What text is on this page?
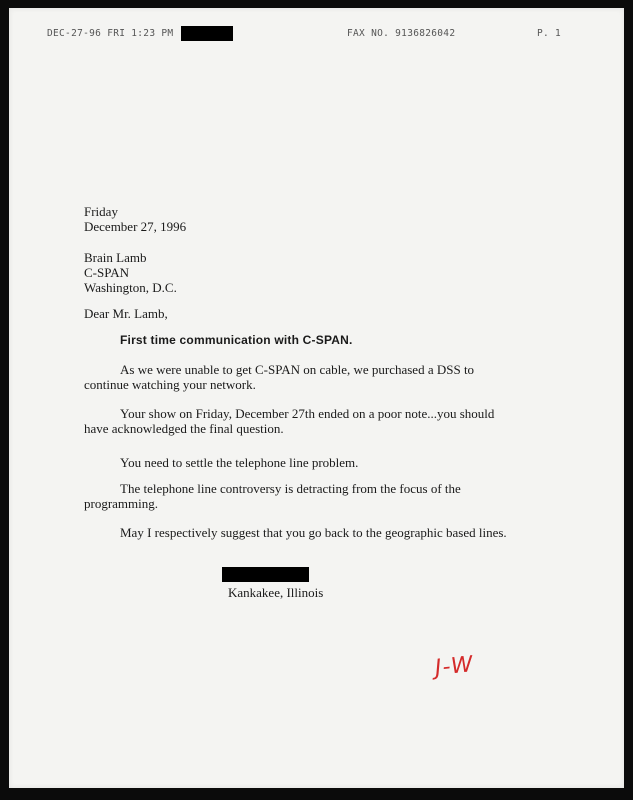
DEC-27-96 FRI 1:23 PM	FAX NO. 9136826042	P. 1
Friday
December 27, 1996
Brain Lamb
C-SPAN
Washington, D.C.
Dear Mr. Lamb,
First time communication with C-SPAN.

As we were unable to get C-SPAN on cable, we purchased a DSS to
continue watching your network.

Your show on Friday, December 27th ended on a poor note...you should
have acknowledged the final question.

You need to settle the telephone line problem.

The telephone line controversy is detracting from the focus of the
programming.

May I respectively suggest that you go back to the geographic based lines.

Kankakee, Illinois
J-W
